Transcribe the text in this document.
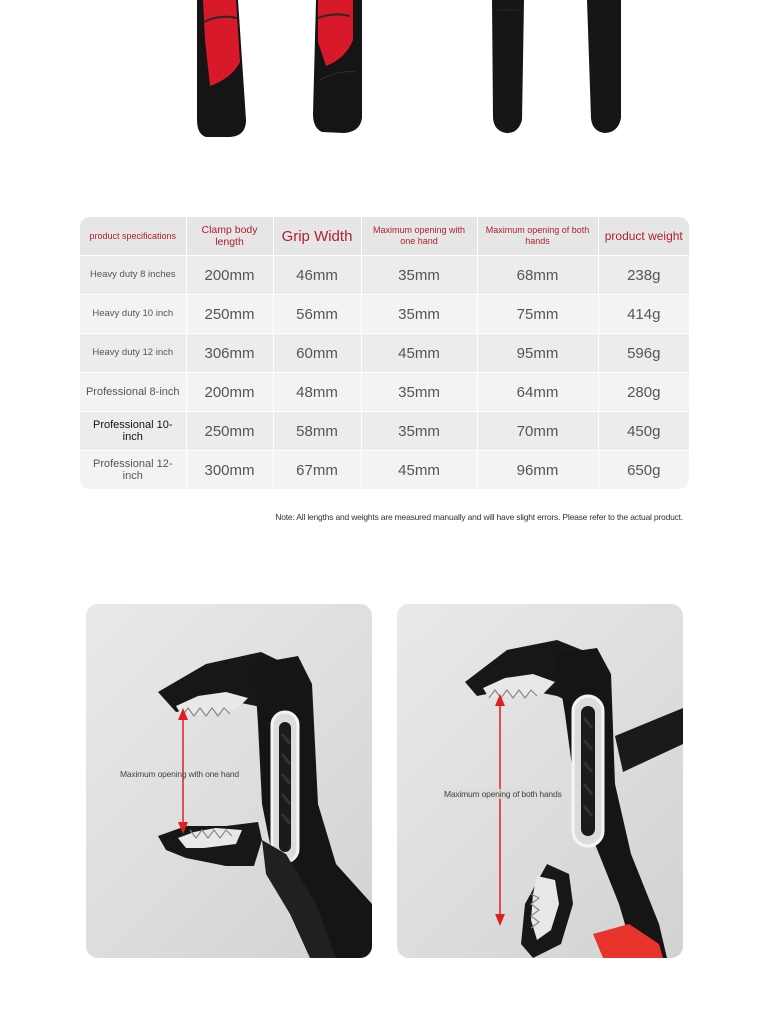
product specifications	Clamp body length	Grip Width	Maximum opening with one hand	Maximum opening of both hands	product weight
Heavy duty 8 inches	200mm	46mm	35mm	68mm	238g
Heavy duty 10 inch	250mm	56mm	35mm	75mm	414g
Heavy duty 12 inch	306mm	60mm	45mm	95mm	596g
Professional 8-inch	200mm	48mm	35mm	64mm	280g
Professional 10-inch	250mm	58mm	35mm	70mm	450g
Professional 12-inch	300mm	67mm	45mm	96mm	650g
Note: All lengths and weights are measured manually and will have slight errors. Please refer to the actual product.
Maximum opening with one hand
Maximum opening of both hands
